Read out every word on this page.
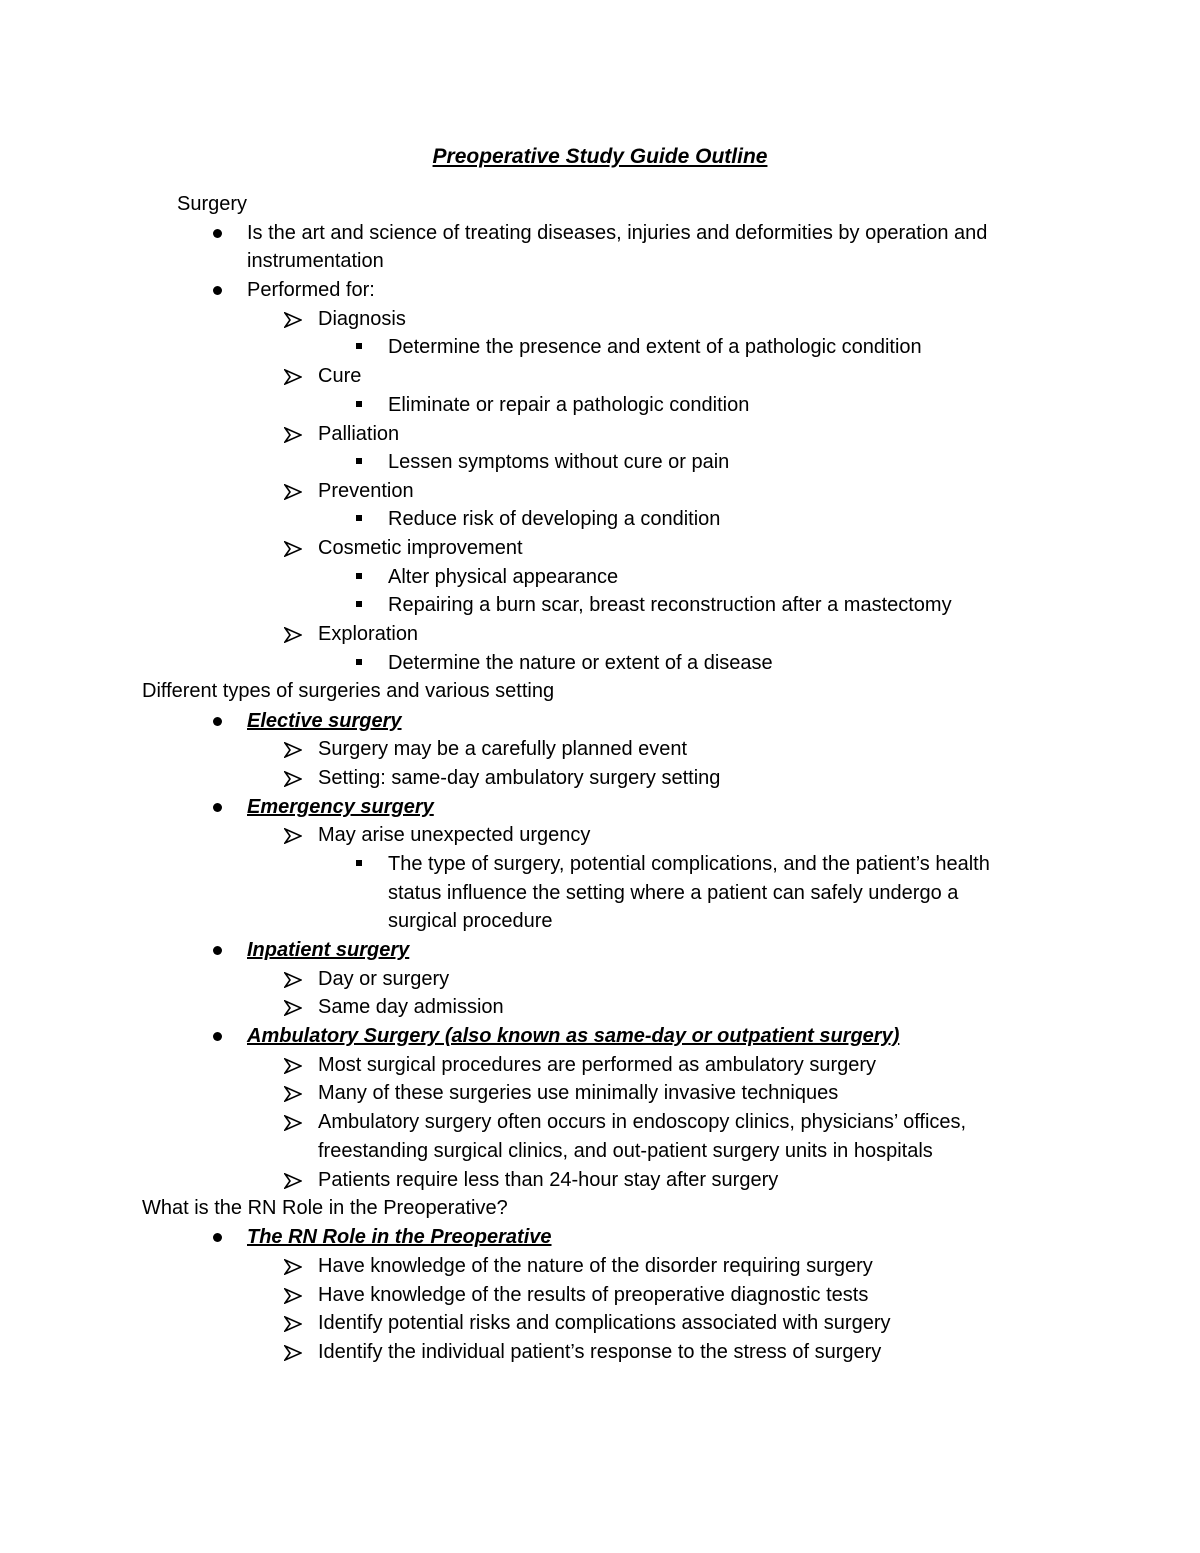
Preoperative Study Guide Outline
Surgery
Is the art and science of treating diseases, injuries and deformities by operation and
instrumentation
Performed for:
Diagnosis
Determine the presence and extent of a pathologic condition
Cure
Eliminate or repair a pathologic condition
Palliation
Lessen symptoms without cure or pain
Prevention
Reduce risk of developing a condition
Cosmetic improvement
Alter physical appearance
Repairing a burn scar, breast reconstruction after a mastectomy
Exploration
Determine the nature or extent of a disease
Different types of surgeries and various setting
Elective surgery
Surgery may be a carefully planned event
Setting: same-day ambulatory surgery setting
Emergency surgery
May arise unexpected urgency
The type of surgery, potential complications, and the patient’s health
status influence the setting where a patient can safely undergo a
surgical procedure
Inpatient surgery
Day or surgery
Same day admission
Ambulatory Surgery (also known as same-day or outpatient surgery)
Most surgical procedures are performed as ambulatory surgery
Many of these surgeries use minimally invasive techniques
Ambulatory surgery often occurs in endoscopy clinics, physicians’ offices,
freestanding surgical clinics, and out-patient surgery units in hospitals
Patients require less than 24-hour stay after surgery
What is the RN Role in the Preoperative?
The RN Role in the Preoperative
Have knowledge of the nature of the disorder requiring surgery
Have knowledge of the results of preoperative diagnostic tests
Identify potential risks and complications associated with surgery
Identify the individual patient’s response to the stress of surgery
